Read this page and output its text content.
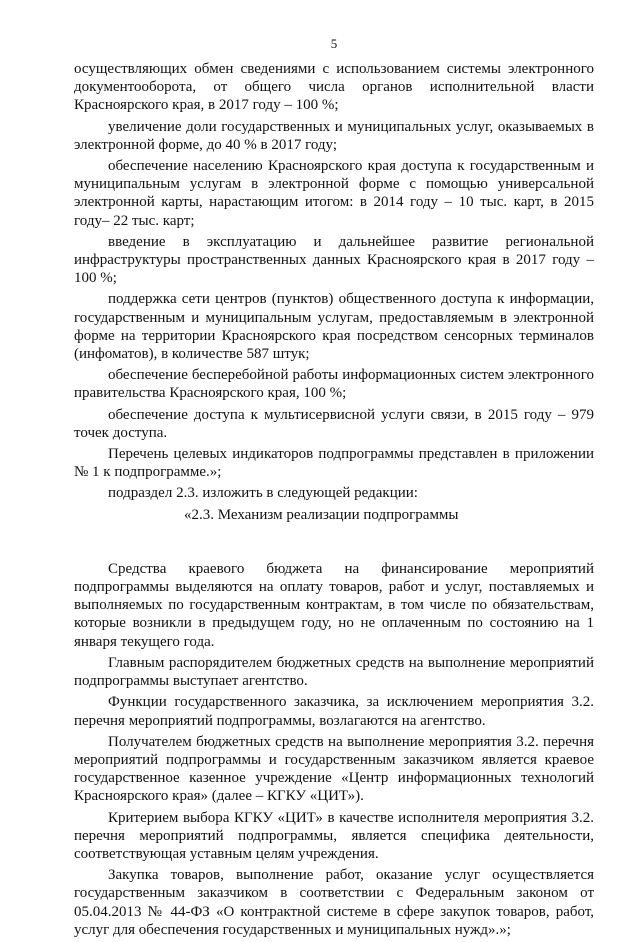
5

осуществляющих обмен сведениями с использованием системы электронного документооборота, от общего числа органов исполнительной власти Красноярского края, в 2017 году – 100 %;

увеличение доли государственных и муниципальных услуг, оказываемых в электронной форме, до 40 % в 2017 году;

обеспечение населению Красноярского края доступа к государственным и муниципальным услугам в электронной форме с помощью универсальной электронной карты, нарастающим итогом: в 2014 году – 10 тыс. карт, в 2015 году– 22 тыс. карт;

введение в эксплуатацию и дальнейшее развитие региональной инфраструктуры пространственных данных Красноярского края в 2017 году – 100 %;

поддержка сети центров (пунктов) общественного доступа к информации, государственным и муниципальным услугам, предоставляемым в электронной форме на территории Красноярского края посредством сенсорных терминалов (инфоматов), в количестве 587 штук;

обеспечение бесперебойной работы информационных систем электронного правительства Красноярского края, 100 %;

обеспечение доступа к мультисервисной услуги связи, в 2015 году – 979 точек доступа.

Перечень целевых индикаторов подпрограммы представлен в приложении № 1 к подпрограмме.»;

подраздел 2.3. изложить в следующей редакции:

«2.3. Механизм реализации подпрограммы

Средства краевого бюджета на финансирование мероприятий подпрограммы выделяются на оплату товаров, работ и услуг, поставляемых и выполняемых по государственным контрактам, в том числе по обязательствам, которые возникли в предыдущем году, но не оплаченным по состоянию на 1 января текущего года.

Главным распорядителем бюджетных средств на выполнение мероприятий подпрограммы выступает агентство.

Функции государственного заказчика, за исключением мероприятия 3.2. перечня мероприятий подпрограммы, возлагаются на агентство.

Получателем бюджетных средств на выполнение мероприятия 3.2. перечня мероприятий подпрограммы и государственным заказчиком является краевое государственное казенное учреждение «Центр информационных технологий Красноярского края» (далее – КГКУ «ЦИТ»).

Критерием выбора КГКУ «ЦИТ» в качестве исполнителя мероприятия 3.2. перечня мероприятий подпрограммы, является специфика деятельности, соответствующая уставным целям учреждения.

Закупка товаров, выполнение работ, оказание услуг осуществляется государственным заказчиком в соответствии с Федеральным законом от 05.04.2013 № 44-ФЗ «О контрактной системе в сфере закупок товаров, работ, услуг для обеспечения государственных и муниципальных нужд».»;
